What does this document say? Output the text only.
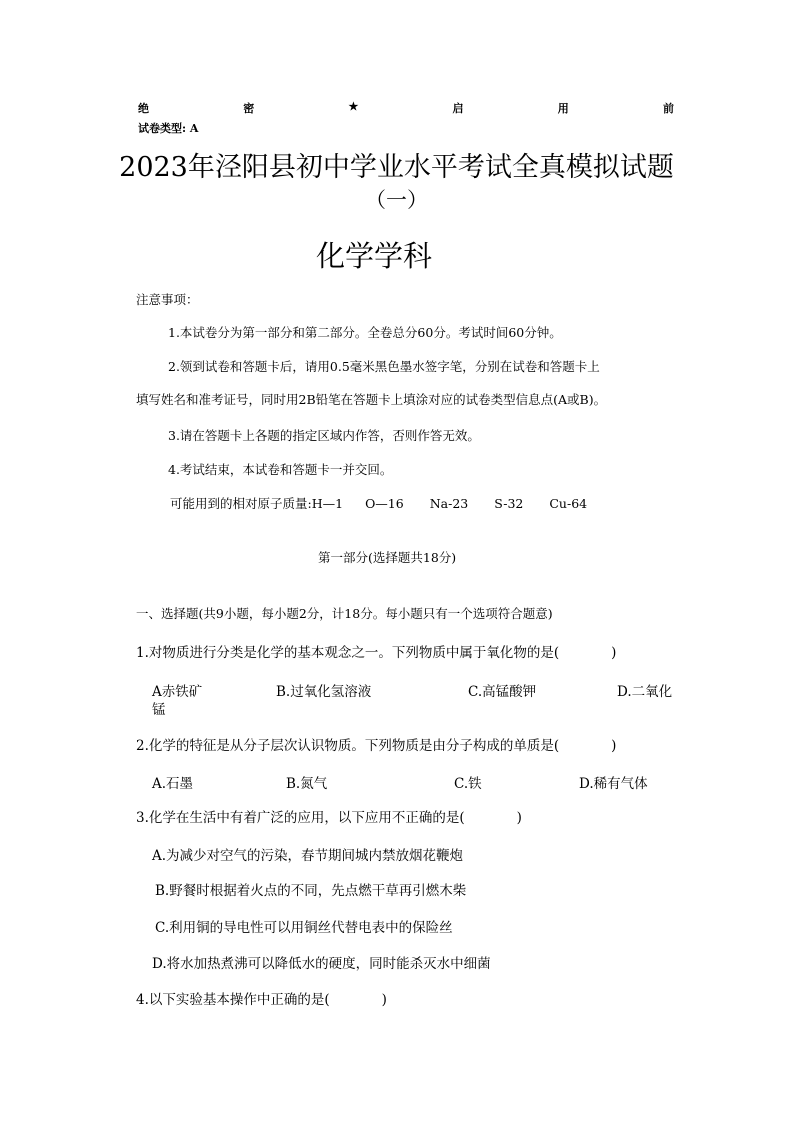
绝	密	★	启	用	前
试卷类型: A
2023年泾阳县初中学业水平考试全真模拟试题
（一）
化学学科
注意事项：
1.本试卷分为第一部分和第二部分。全卷总分60分。考试时间60分钟。
2.领到试卷和答题卡后，请用0.5毫米黑色墨水签字笔，分别在试卷和答题卡上
填写姓名和准考证号，同时用2B铅笔在答题卡上填涂对应的试卷类型信息点(A或B)。
3.请在答题卡上各题的指定区域内作答，否则作答无效。
4.考试结束，本试卷和答题卡一并交回。
可能用到的相对原子质量:H—1 O—16 Na-23 S-32 Cu-64
第一部分(选择题共18分)
一、选择题(共9小题，每小题2分，计18分。每小题只有一个选项符合题意)
1.对物质进行分类是化学的基本观念之一。下列物质中属于氧化物的是(	)
A赤铁矿	B.过氧化氢溶液	C.高锰酸钾	D.二氧化
锰
2.化学的特征是从分子层次认识物质。下列物质是由分子构成的单质是(	)
A.石墨	B.氮气	C.铁	D.稀有气体
3.化学在生活中有着广泛的应用，以下应用不正确的是(	)
A.为减少对空气的污染，春节期间城内禁放烟花鞭炮
B.野餐时根据着火点的不同，先点燃干草再引燃木柴
C.利用铜的导电性可以用铜丝代替电表中的保险丝
D.将水加热煮沸可以降低水的硬度，同时能杀灭水中细菌
4.以下实验基本操作中正确的是(	)
